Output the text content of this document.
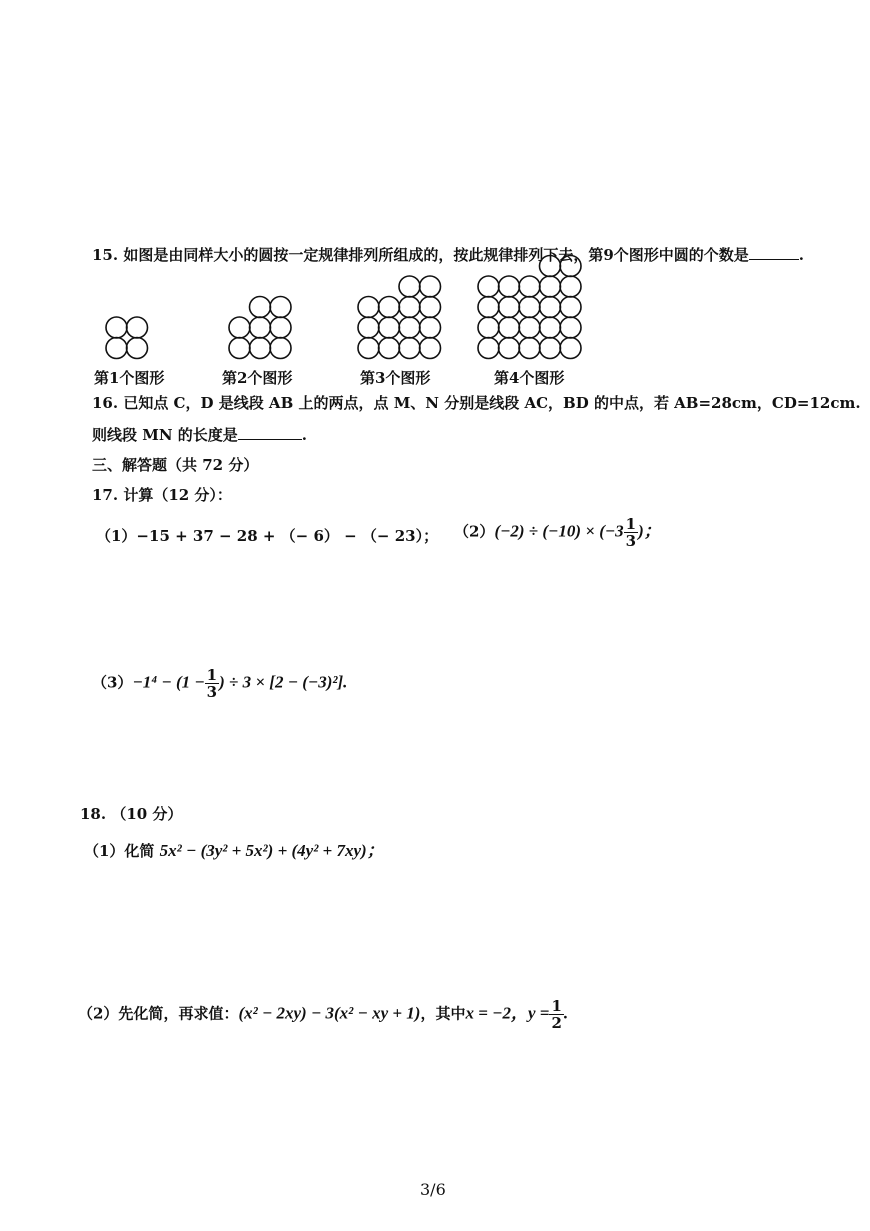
15. 如图是由同样大小的圆按一定规律排列所组成的，按此规律排列下去，第9个图形中圆的个数是	.
第1个图形	第2个图形	第3个图形	第4个图形
16. 已知点 C，D 是线段 AB 上的两点，点 M、N 分别是线段 AC，BD 的中点，若 AB=28cm，CD=12cm.
则线段 MN 的长度是	.
三、解答题（共 72 分）
17. 计算（12 分）：
（1）−15 + 37 − 28 + （− 6） − （− 23）； $(2)(-2) \div (-10) \times (-3 \frac{1}{3}$ )；
$(3)-1^4 - (1 - \frac{1}{3}$ ) ÷ 3 × [2 − (−3)²].
18. （10 分）
（1）化简 5x² − (3y² + 5x²) + (4y² + 7xy)；
（2）先化简，再求值：(x² − 2xy) − 3(x² − xy + 1)，其中x = −2，$y = \frac{1}{2}$ .
3/6
